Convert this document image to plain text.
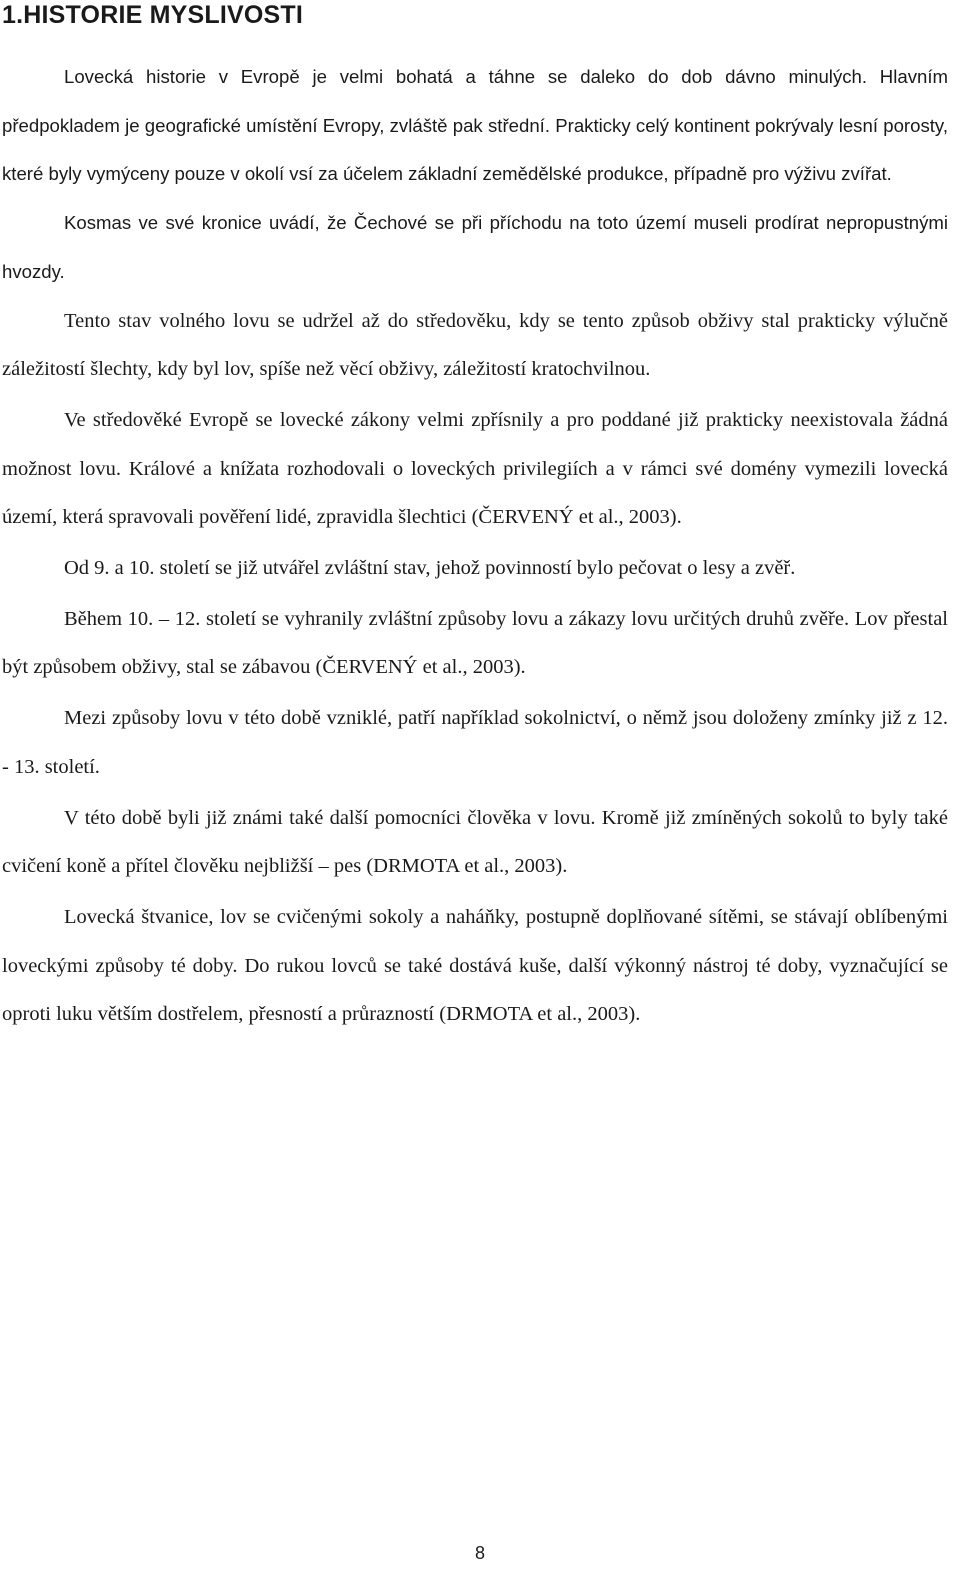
1.HISTORIE MYSLIVOSTI

Lovecká historie v Evropě je velmi bohatá a táhne se daleko do dob dávno minulých. Hlavním předpokladem je geografické umístění Evropy, zvláště pak střední. Prakticky celý kontinent pokrývaly lesní porosty, které byly vymýceny pouze v okolí vsí za účelem základní zemědělské produkce, případně pro výživu zvířat.

Kosmas ve své kronice uvádí, že Čechové se při příchodu na toto území museli prodírat nepropustnými hvozdy.

Tento stav volného lovu se udržel až do středověku, kdy se tento způsob obživy stal prakticky výlučně záležitostí šlechty, kdy byl lov, spíše než věcí obživy, záležitostí kratochvilnou.

Ve středověké Evropě se lovecké zákony velmi zpřísnily a pro poddané již prakticky neexistovala žádná možnost lovu. Králové a knížata rozhodovali o loveckých privilegiích a v rámci své domény vymezili lovecká území, která spravovali pověření lidé, zpravidla šlechtici (ČERVENÝ et al., 2003).

Od 9. a 10. století se již utvářel zvláštní stav, jehož povinností bylo pečovat o lesy a zvěř.

Během 10. ‒ 12. století se vyhranily zvláštní způsoby lovu a zákazy lovu určitých druhů zvěře. Lov přestal být způsobem obživy, stal se zábavou (ČERVENÝ et al., 2003).

Mezi způsoby lovu v této době vzniklé, patří například sokolnictví, o němž jsou doloženy zmínky již z 12. - 13. století.

V této době byli již známi také další pomocníci člověka v lovu. Kromě již zmíněných sokolů to byly také cvičení koně a přítel člověku nejbližší ‒ pes (DRMOTA et al., 2003).

Lovecká štvanice, lov se cvičenými sokoly a naháňky, postupně doplňované sítěmi, se stávají oblíbenými loveckými způsoby té doby. Do rukou lovců se také dostává kuše, další výkonný nástroj té doby, vyznačující se oproti luku větším dostřelem, přesností a průrazností (DRMOTA et al., 2003).

8
